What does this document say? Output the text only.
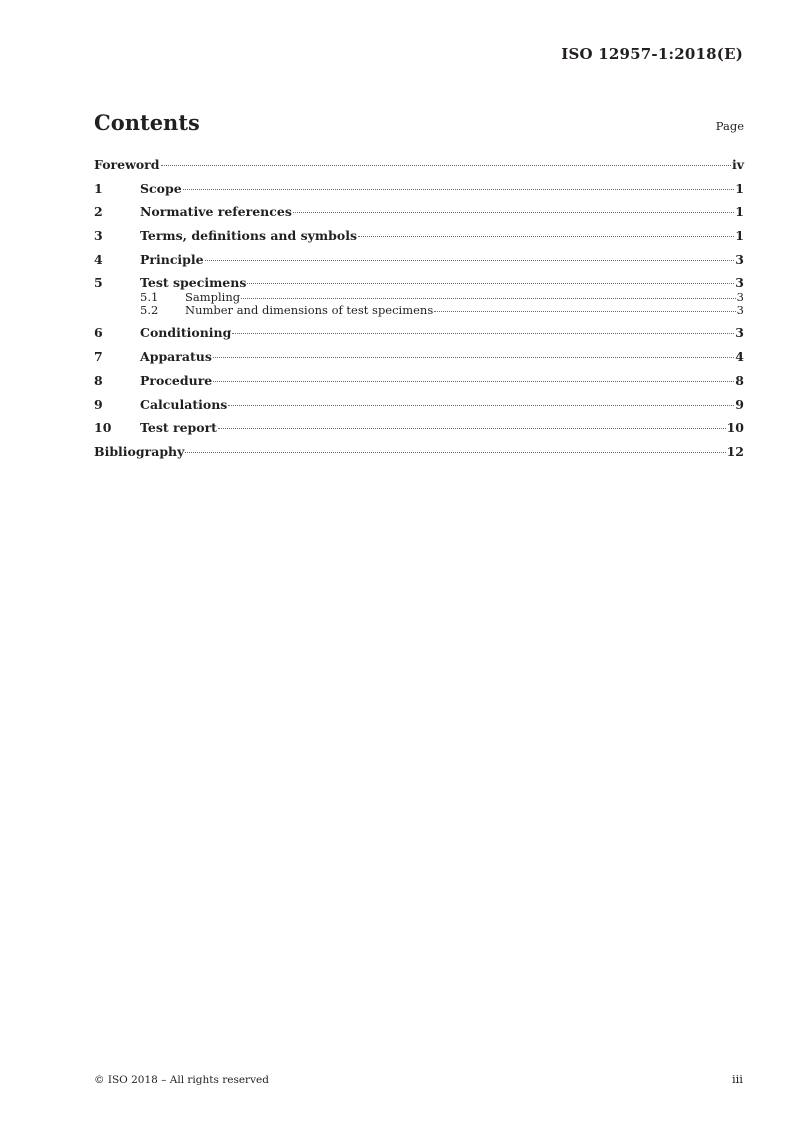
ISO 12957-1:2018(E)
Contents	Page
Foreword	iv
1	Scope	1
2	Normative references	1
3	Terms, definitions and symbols	1
4	Principle	3
5	Test specimens	3
5.1	Sampling	3
5.2	Number and dimensions of test specimens	3
6	Conditioning	3
7	Apparatus	4
8	Procedure	8
9	Calculations	9
10	Test report	10
Bibliography	12
© ISO 2018 – All rights reserved	iii
